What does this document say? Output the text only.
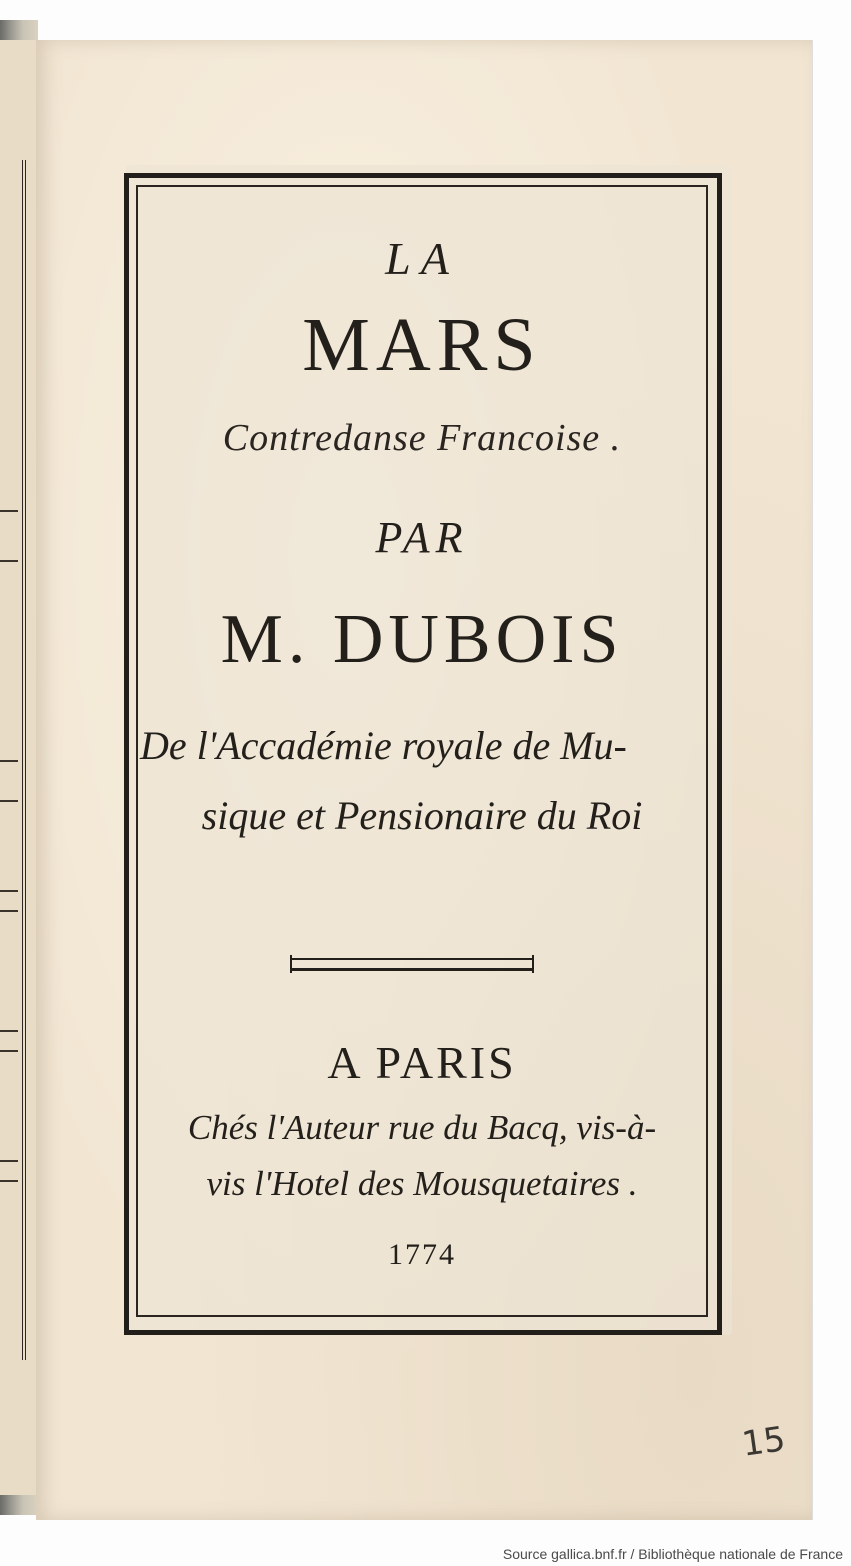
LA
MARS
Contredanse Francoise .
PAR
M. DUBOIS
De l'Accadémie royale de Mu-
sique et Pensionaire du Roi
A PARIS
Chés l'Auteur rue du Bacq, vis-à-
vis l'Hotel des Mousquetaires .
1774
15
Source gallica.bnf.fr / Bibliothèque nationale de France
